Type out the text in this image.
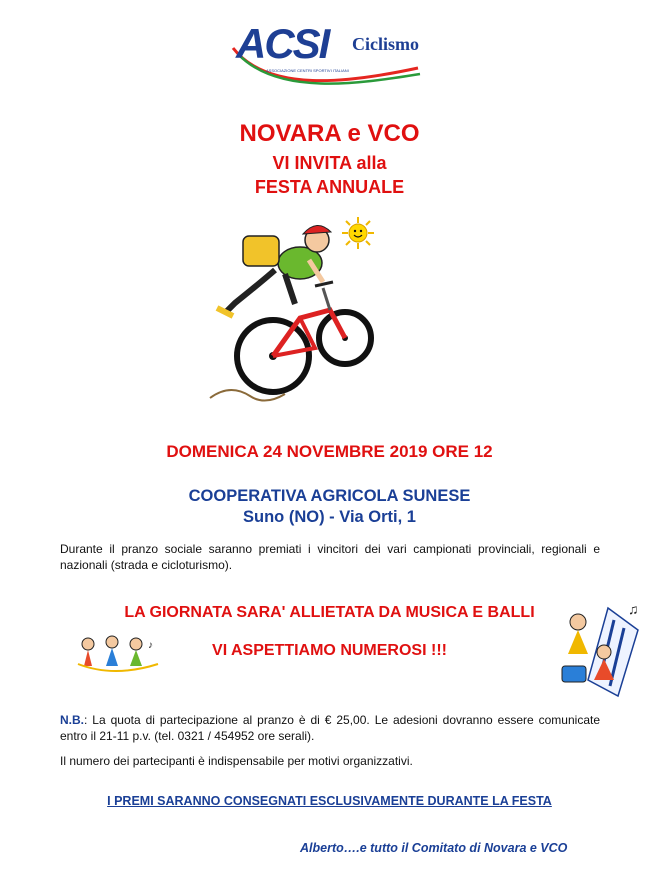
ACSI Ciclismo
ASSOCIAZIONE CENTRI SPORTIVI ITALIANI
NOVARA e VCO
VI INVITA alla
FESTA ANNUALE
DOMENICA 24 NOVEMBRE 2019 ORE 12
COOPERATIVA AGRICOLA SUNESE
Suno (NO) - Via Orti, 1
Durante il pranzo sociale saranno premiati i vincitori dei vari campionati provinciali, regionali e nazionali (strada e cicloturismo).
LA GIORNATA SARA' ALLIETATA DA MUSICA E BALLI
VI ASPETTIAMO NUMEROSI !!!
♪
♫
N.B.: La quota di partecipazione al pranzo è di € 25,00. Le adesioni dovranno essere comunicate entro il 21-11 p.v. (tel. 0321 / 454952 ore serali).
Il numero dei partecipanti è indispensabile per motivi organizzativi.
I PREMI SARANNO CONSEGNATI ESCLUSIVAMENTE DURANTE LA FESTA
Alberto….e tutto il Comitato di Novara e VCO
